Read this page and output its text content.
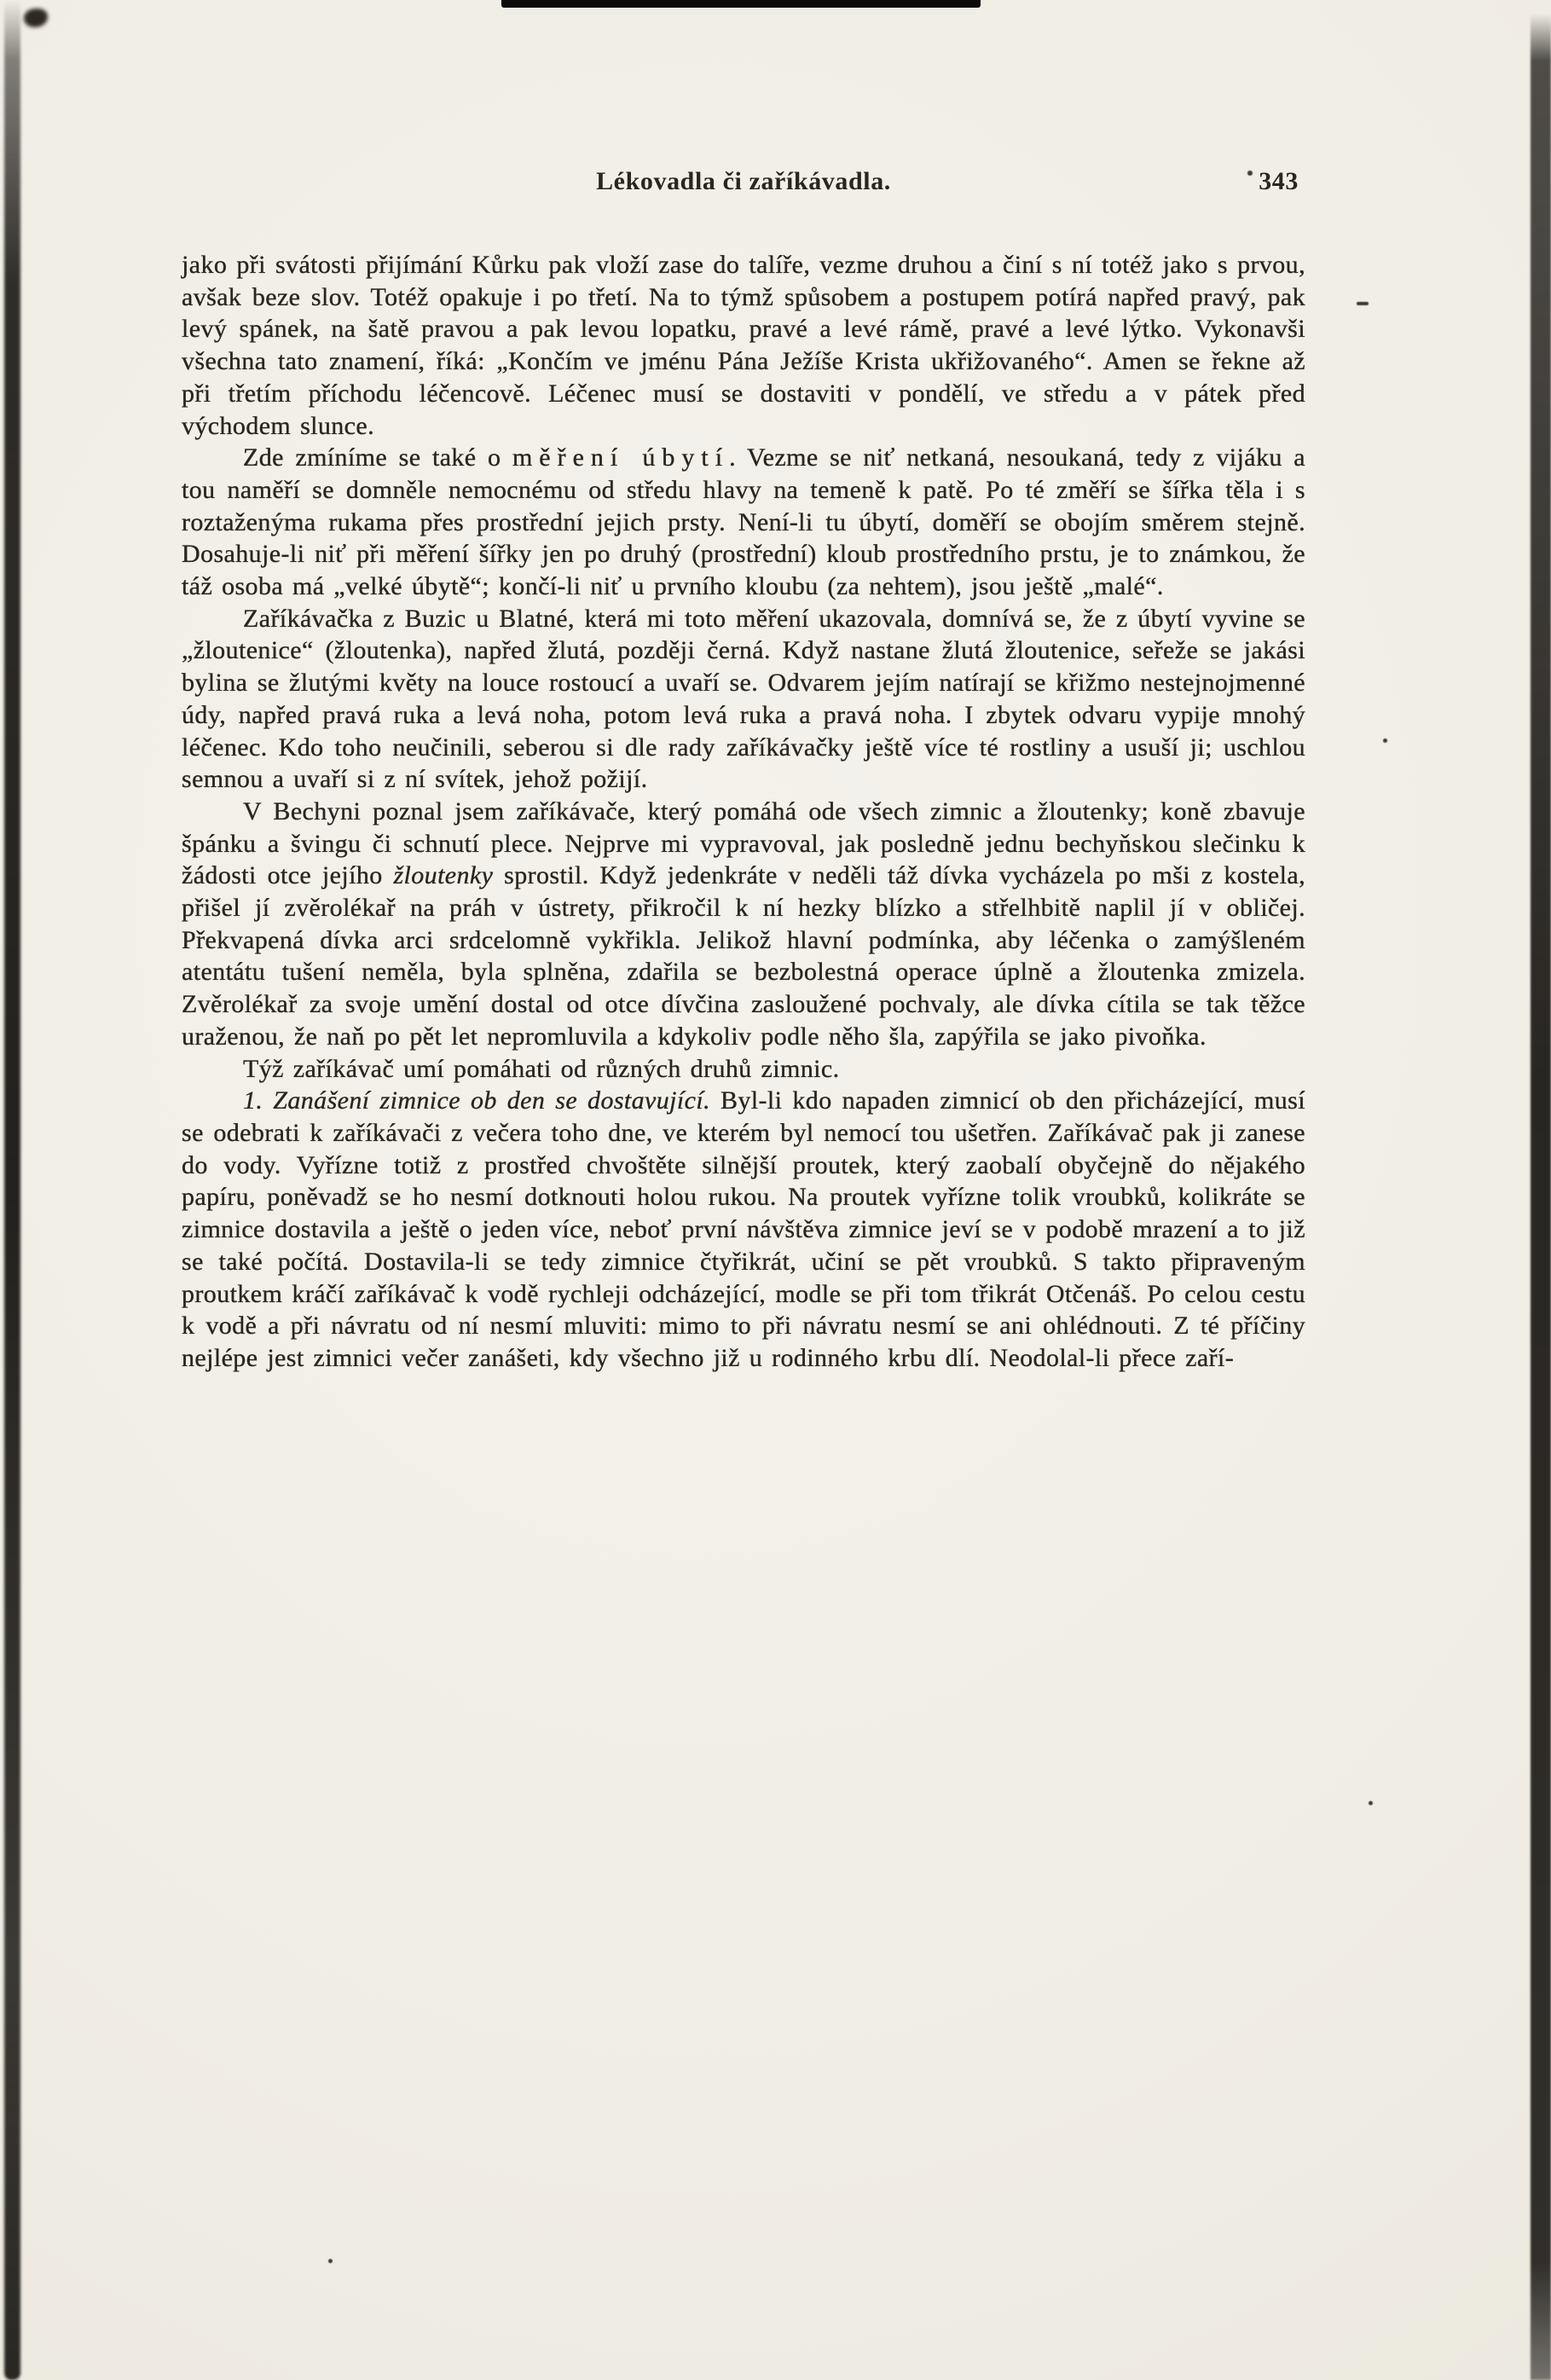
Lékovadla či zaříkávadla.	343

jako při svátosti přijímání Kůrku pak vloží zase do talíře, vezme druhou a činí s ní totéž jako s prvou, avšak beze slov. Totéž opakuje i po třetí. Na to týmž spůsobem a postupem potírá napřed pravý, pak levý spánek, na šatě pravou a pak levou lopatku, pravé a levé rámě, pravé a levé lýtko. Vykonavši všechna tato znamení, říká: „Končím ve jménu Pána Ježíše Krista ukřižovaného“. Amen se řekne až při třetím příchodu léčencově. Léčenec musí se dostaviti v pondělí, ve středu a v pátek před východem slunce.

Zde zmíníme se také o měření úbytí. Vezme se niť netkaná, nesoukaná, tedy z vijáku a tou naměří se domněle nemocnému od středu hlavy na temeně k patě. Po té změří se šířka těla i s roztaženýma rukama přes prostřední jejich prsty. Není-li tu úbytí, doměří se obojím směrem stejně. Dosahuje-li niť při měření šířky jen po druhý (prostřední) kloub prostředního prstu, je to známkou, že táž osoba má „velké úbytě“; končí-li niť u prvního kloubu (za nehtem), jsou ještě „malé“.

Zaříkávačka z Buzic u Blatné, která mi toto měření ukazovala, domnívá se, že z úbytí vyvine se „žloutenice“ (žloutenka), napřed žlutá, později černá. Když nastane žlutá žloutenice, seřeže se jakási bylina se žlutými květy na louce rostoucí a uvaří se. Odvarem jejím natírají se křižmo nestejnojmenné údy, napřed pravá ruka a levá noha, potom levá ruka a pravá noha. I zbytek odvaru vypije mnohý léčenec. Kdo toho neučinili, seberou si dle rady zaříkávačky ještě více té rostliny a usuší ji; uschlou semnou a uvaří si z ní svítek, jehož požijí.

V Bechyni poznal jsem zaříkávače, který pomáhá ode všech zimnic a žloutenky; koně zbavuje špánku a švingu či schnutí plece. Nejprve mi vypravoval, jak posledně jednu bechyňskou slečinku k žádosti otce jejího žloutenky sprostil. Když jedenkráte v neděli táž dívka vycházela po mši z kostela, přišel jí zvěrolékař na práh v ústrety, přikročil k ní hezky blízko a střelhbitě naplil jí v obličej. Překvapená dívka arci srdcelomně vykřikla. Jelikož hlavní podmínka, aby léčenka o zamýšleném atentátu tušení neměla, byla splněna, zdařila se bezbolestná operace úplně a žloutenka zmizela. Zvěrolékař za svoje umění dostal od otce dívčina zasloužené pochvaly, ale dívka cítila se tak těžce uraženou, že naň po pět let nepromluvila a kdykoliv podle něho šla, zapýřila se jako pivoňka.

Týž zaříkávač umí pomáhati od různých druhů zimnic.

1. Zanášení zimnice ob den se dostavující. Byl-li kdo napaden zimnicí ob den přicházející, musí se odebrati k zaříkávači z večera toho dne, ve kterém byl nemocí tou ušetřen. Zaříkávač pak ji zanese do vody. Vyřízne totiž z prostřed chvoštěte silnější proutek, který zaobalí obyčejně do nějakého papíru, poněvadž se ho nesmí dotknouti holou rukou. Na proutek vyřízne tolik vroubků, kolikráte se zimnice dostavila a ještě o jeden více, neboť první návštěva zimnice jeví se v podobě mrazení a to již se také počítá. Dostavila-li se tedy zimnice čtyřikrát, učiní se pět vroubků. S takto připraveným proutkem kráčí zaříkávač k vodě rychleji odcházející, modle se při tom třikrát Otčenáš. Po celou cestu k vodě a při návratu od ní nesmí mluviti: mimo to při návratu nesmí se ani ohlédnouti. Z té příčiny nejlépe jest zimnici večer zanášeti, kdy všechno již u rodinného krbu dlí. Neodolal-li přece zaří-
